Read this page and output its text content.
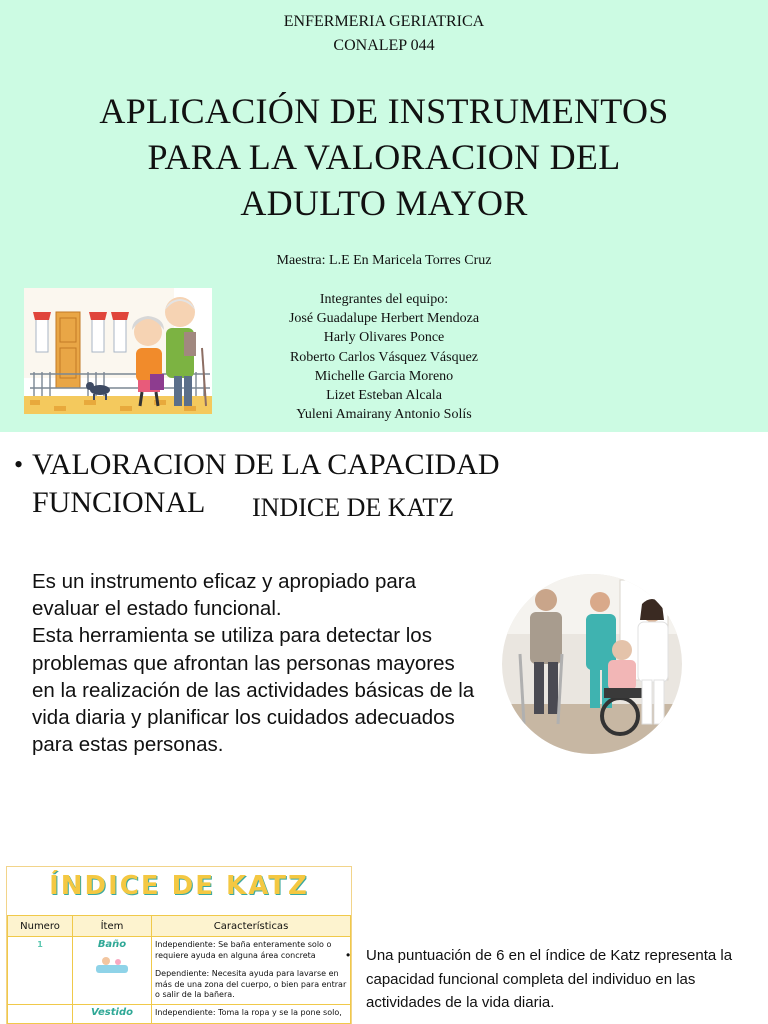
ENFERMERIA GERIATRICA
CONALEP 044
APLICACIÓN DE INSTRUMENTOS PARA LA VALORACION DEL ADULTO MAYOR
Maestra: L.E En Maricela Torres Cruz
Integrantes del equipo:
José Guadalupe Herbert Mendoza
Harly Olivares Ponce
Roberto Carlos Vásquez Vásquez
Michelle Garcia Moreno
Lizet Esteban Alcala
Yuleni Amairany Antonio Solís
• VALORACION DE LA CAPACIDAD FUNCIONAL	INDICE DE KATZ
Es un instrumento eficaz y apropiado para evaluar el estado funcional.
Esta herramienta se utiliza para detectar los problemas que afrontan las personas mayores en la realización de las actividades básicas de la vida diaria y planificar los cuidados adecuados para estas personas.
ÍNDICE DE KATZ
Numero	Ítem	Características
1	Baño	Independiente: Se baña enteramente solo o requiere ayuda en alguna área concreta
Dependiente: Necesita ayuda para lavarse en más de una zona del cuerpo, o bien para entrar o salir de la bañera.

	Vestido	Independiente: Toma la ropa y se la pone solo,
• Una puntuación de 6 en el índice de Katz representa la capacidad funcional completa del individuo en las actividades de la vida diaria.
